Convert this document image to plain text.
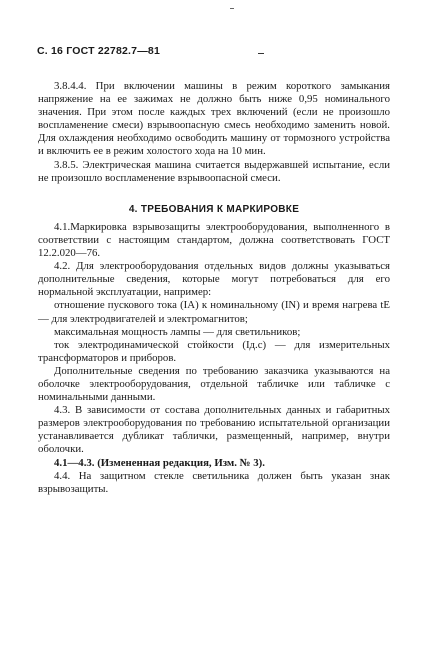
С. 16 ГОСТ 22782.7—81

3.8.4.4. При включении машины в режим короткого замыкания напряжение на ее зажимах не должно быть ниже 0,95 номинального значения. При этом после каждых трех включений (если не произошло воспламенение смеси) взрывоопасную смесь необходимо заменить новой. Для охлаждения необходимо освободить машину от тормозного устройства и включить ее в режим холостого хода на 10 мин.

3.8.5. Электрическая машина считается выдержавшей испытание, если не произошло воспламенение взрывоопасной смеси.

4. ТРЕБОВАНИЯ К МАРКИРОВКЕ

4.1.Маркировка взрывозащиты электрооборудования, выполненного в соответствии с настоящим стандартом, должна соответствовать ГОСТ 12.2.020—76.

4.2. Для электрооборудования отдельных видов должны указываться дополнительные сведения, которые могут потребоваться для его нормальной эксплуатации, например:

отношение пускового тока (IA) к номинальному (IN) и время нагрева tE — для электродвигателей и электромагнитов;

максимальная мощность лампы — для светильников;

ток электродинамической стойкости (Iд.с) — для измерительных трансформаторов и приборов.

Дополнительные сведения по требованию заказчика указываются на оболочке электрооборудования, отдельной табличке или табличке с номинальными данными.

4.3. В зависимости от состава дополнительных данных и габаритных размеров электрооборудования по требованию испытательной организации устанавливается дубликат таблички, размещенный, например, внутри оболочки.

4.1—4.3. (Измененная редакция, Изм. № 3).

4.4. На защитном стекле светильника должен быть указан знак взрывозащиты.
